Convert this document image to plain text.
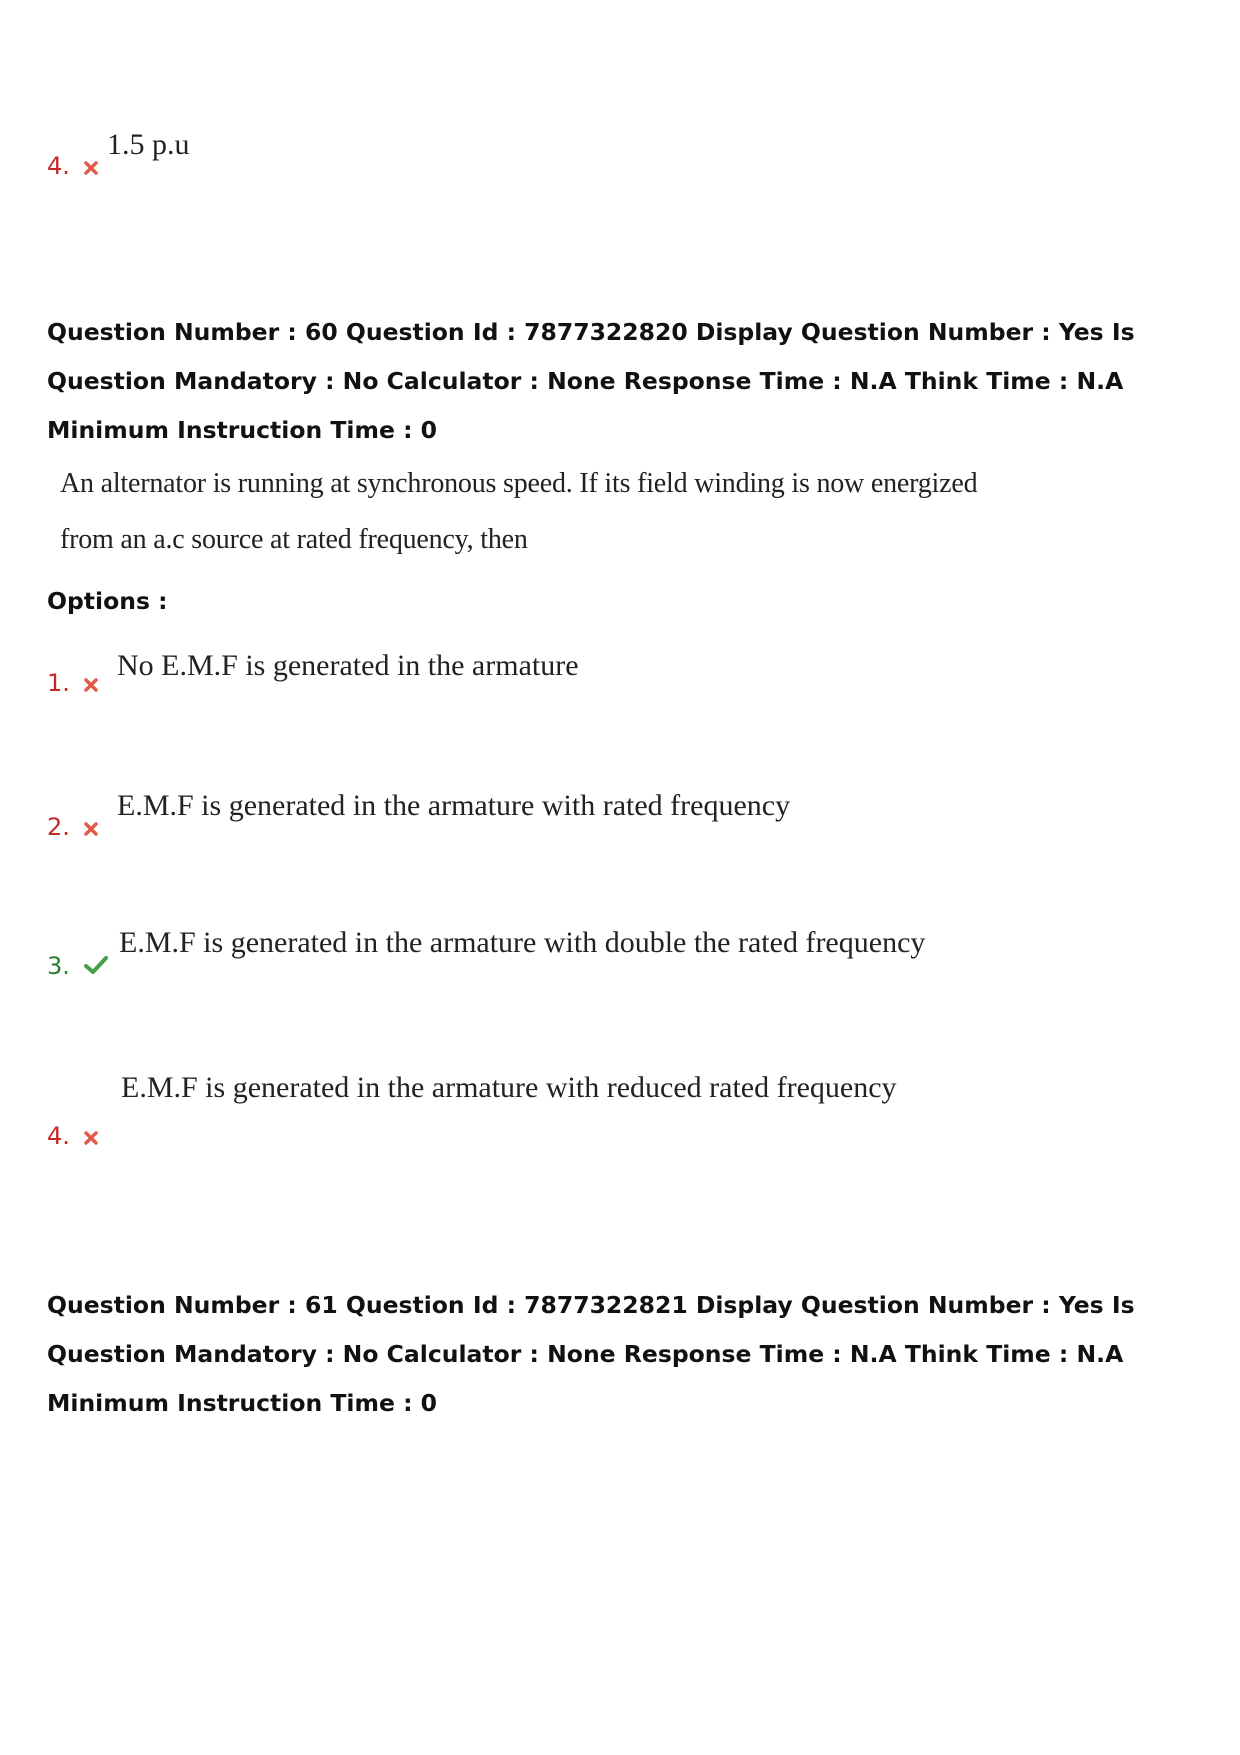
4.
1.5 p.u
Question Number : 60 Question Id : 7877322820 Display Question Number : Yes Is Question Mandatory : No Calculator : None Response Time : N.A Think Time : N.A Minimum Instruction Time : 0
An alternator is running at synchronous speed. If its field winding is now energized
from an a.c source at rated frequency, then
Options :
1.
No E.M.F is generated in the armature
2.
E.M.F is generated in the armature with rated frequency
3.
E.M.F is generated in the armature with double the rated frequency
4.
E.M.F is generated in the armature with reduced rated frequency
Question Number : 61 Question Id : 7877322821 Display Question Number : Yes Is Question Mandatory : No Calculator : None Response Time : N.A Think Time : N.A Minimum Instruction Time : 0
